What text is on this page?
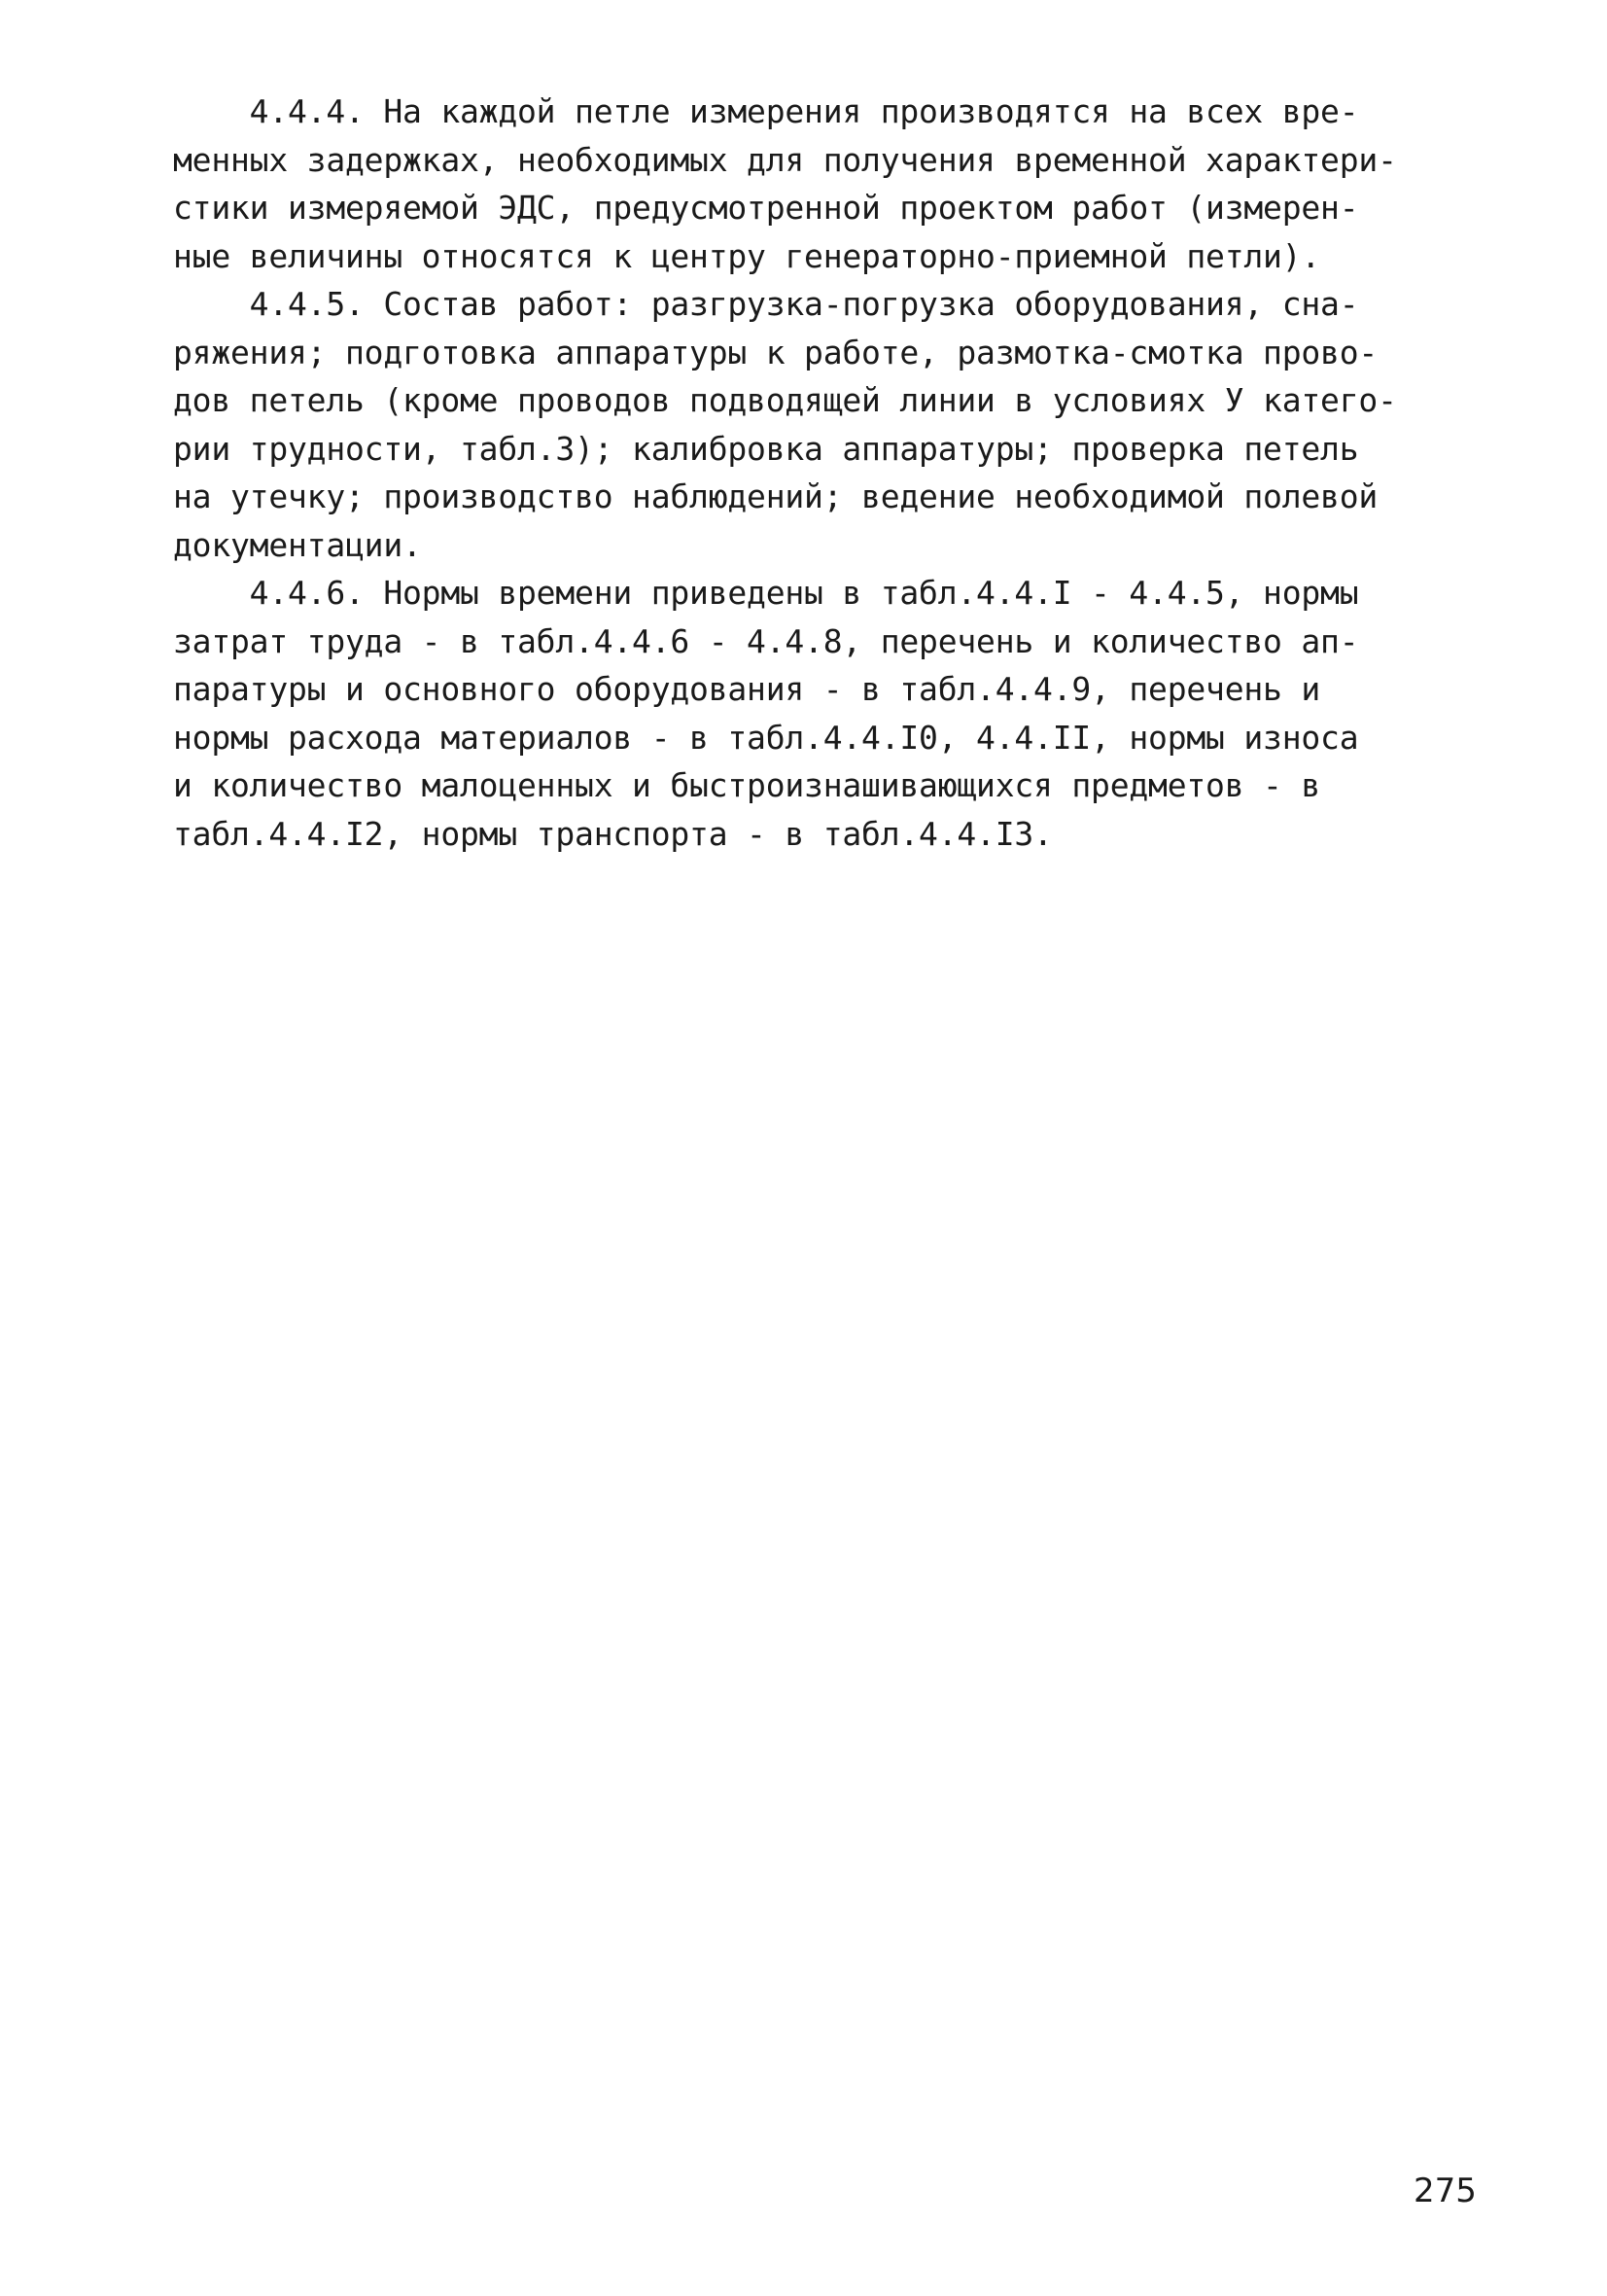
4.4.4. На каждой петле измерения производятся на всех вре-
менных задержках, необходимых для получения временной характери-
стики измеряемой ЭДС, предусмотренной проектом работ (измерен-
ные величины относятся к центру генераторно-приемной петли).
4.4.5. Состав работ: разгрузка-погрузка оборудования, сна-
ряжения; подготовка аппаратуры к работе, размотка-смотка прово-
дов петель (кроме проводов подводящей линии в условиях У катего-
рии трудности, табл.3); калибровка аппаратуры; проверка петель
на утечку; производство наблюдений; ведение необходимой полевой
документации.
4.4.6. Нормы времени приведены в табл.4.4.I - 4.4.5, нормы
затрат труда - в табл.4.4.6 - 4.4.8, перечень и количество ап-
паратуры и основного оборудования - в табл.4.4.9, перечень и
нормы расхода материалов - в табл.4.4.I0, 4.4.II, нормы износа
и количество малоценных и быстроизнашивающихся предметов - в
табл.4.4.I2, нормы транспорта - в табл.4.4.I3.
275
